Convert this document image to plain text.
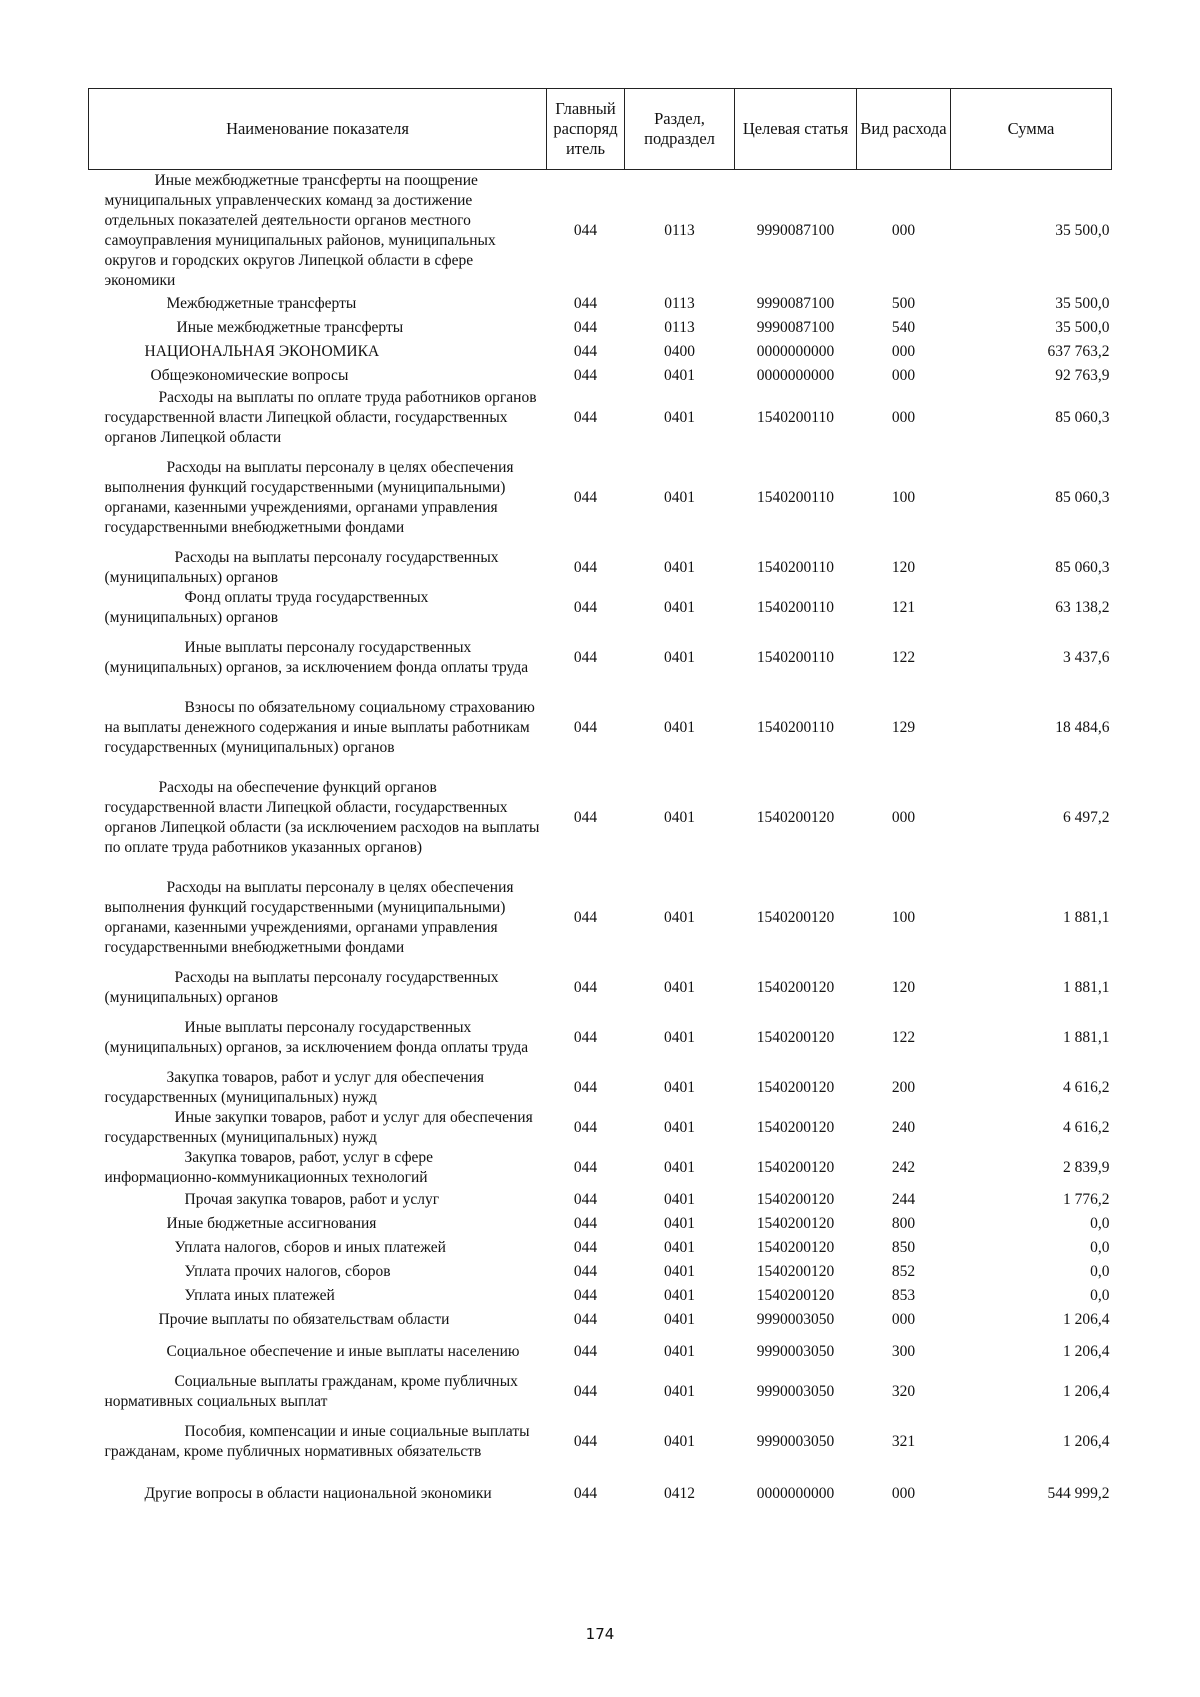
Наименование показателя	Главный распоряд итель	Раздел, подраздел	Целевая статья	Вид расхода	Сумма
Иные межбюджетные трансферты на поощрение муниципальных управленческих команд за достижение отдельных показателей деятельности органов местного самоуправления муниципальных районов, муниципальных округов и городских округов Липецкой области в сфере экономики	044	0113	9990087100	000	35 500,0
Межбюджетные трансферты	044	0113	9990087100	500	35 500,0
Иные межбюджетные трансферты	044	0113	9990087100	540	35 500,0
НАЦИОНАЛЬНАЯ ЭКОНОМИКА	044	0400	0000000000	000	637 763,2
Общеэкономические вопросы	044	0401	0000000000	000	92 763,9
Расходы на выплаты по оплате труда работников органов государственной власти Липецкой области, государственных органов Липецкой области	044	0401	1540200110	000	85 060,3
Расходы на выплаты персоналу в целях обеспечения выполнения функций государственными (муниципальными) органами, казенными учреждениями, органами управления государственными внебюджетными фондами	044	0401	1540200110	100	85 060,3
Расходы на выплаты персоналу государственных (муниципальных) органов	044	0401	1540200110	120	85 060,3
Фонд оплаты труда государственных (муниципальных) органов	044	0401	1540200110	121	63 138,2
Иные выплаты персоналу государственных (муниципальных) органов, за исключением фонда оплаты труда	044	0401	1540200110	122	3 437,6
Взносы по обязательному социальному страхованию на выплаты денежного содержания и иные выплаты работникам государственных (муниципальных) органов	044	0401	1540200110	129	18 484,6
Расходы на обеспечение функций органов государственной власти Липецкой области, государственных органов Липецкой области (за исключением расходов на выплаты по оплате труда работников указанных органов)	044	0401	1540200120	000	6 497,2
Расходы на выплаты персоналу в целях обеспечения выполнения функций государственными (муниципальными) органами, казенными учреждениями, органами управления государственными внебюджетными фондами	044	0401	1540200120	100	1 881,1
Расходы на выплаты персоналу государственных (муниципальных) органов	044	0401	1540200120	120	1 881,1
Иные выплаты персоналу государственных (муниципальных) органов, за исключением фонда оплаты труда	044	0401	1540200120	122	1 881,1
Закупка товаров, работ и услуг для обеспечения государственных (муниципальных) нужд	044	0401	1540200120	200	4 616,2
Иные закупки товаров, работ и услуг для обеспечения государственных (муниципальных) нужд	044	0401	1540200120	240	4 616,2
Закупка товаров, работ, услуг в сфере информационно-коммуникационных технологий	044	0401	1540200120	242	2 839,9
Прочая закупка товаров, работ и услуг	044	0401	1540200120	244	1 776,2
Иные бюджетные ассигнования	044	0401	1540200120	800	0,0
Уплата налогов, сборов и иных платежей	044	0401	1540200120	850	0,0
Уплата прочих налогов, сборов	044	0401	1540200120	852	0,0
Уплата иных платежей	044	0401	1540200120	853	0,0
Прочие выплаты по обязательствам области	044	0401	9990003050	000	1 206,4
Социальное обеспечение и иные выплаты населению	044	0401	9990003050	300	1 206,4
Социальные выплаты гражданам, кроме публичных нормативных социальных выплат	044	0401	9990003050	320	1 206,4
Пособия, компенсации и иные социальные выплаты гражданам, кроме публичных нормативных обязательств	044	0401	9990003050	321	1 206,4
Другие вопросы в области национальной экономики	044	0412	0000000000	000	544 999,2
174
